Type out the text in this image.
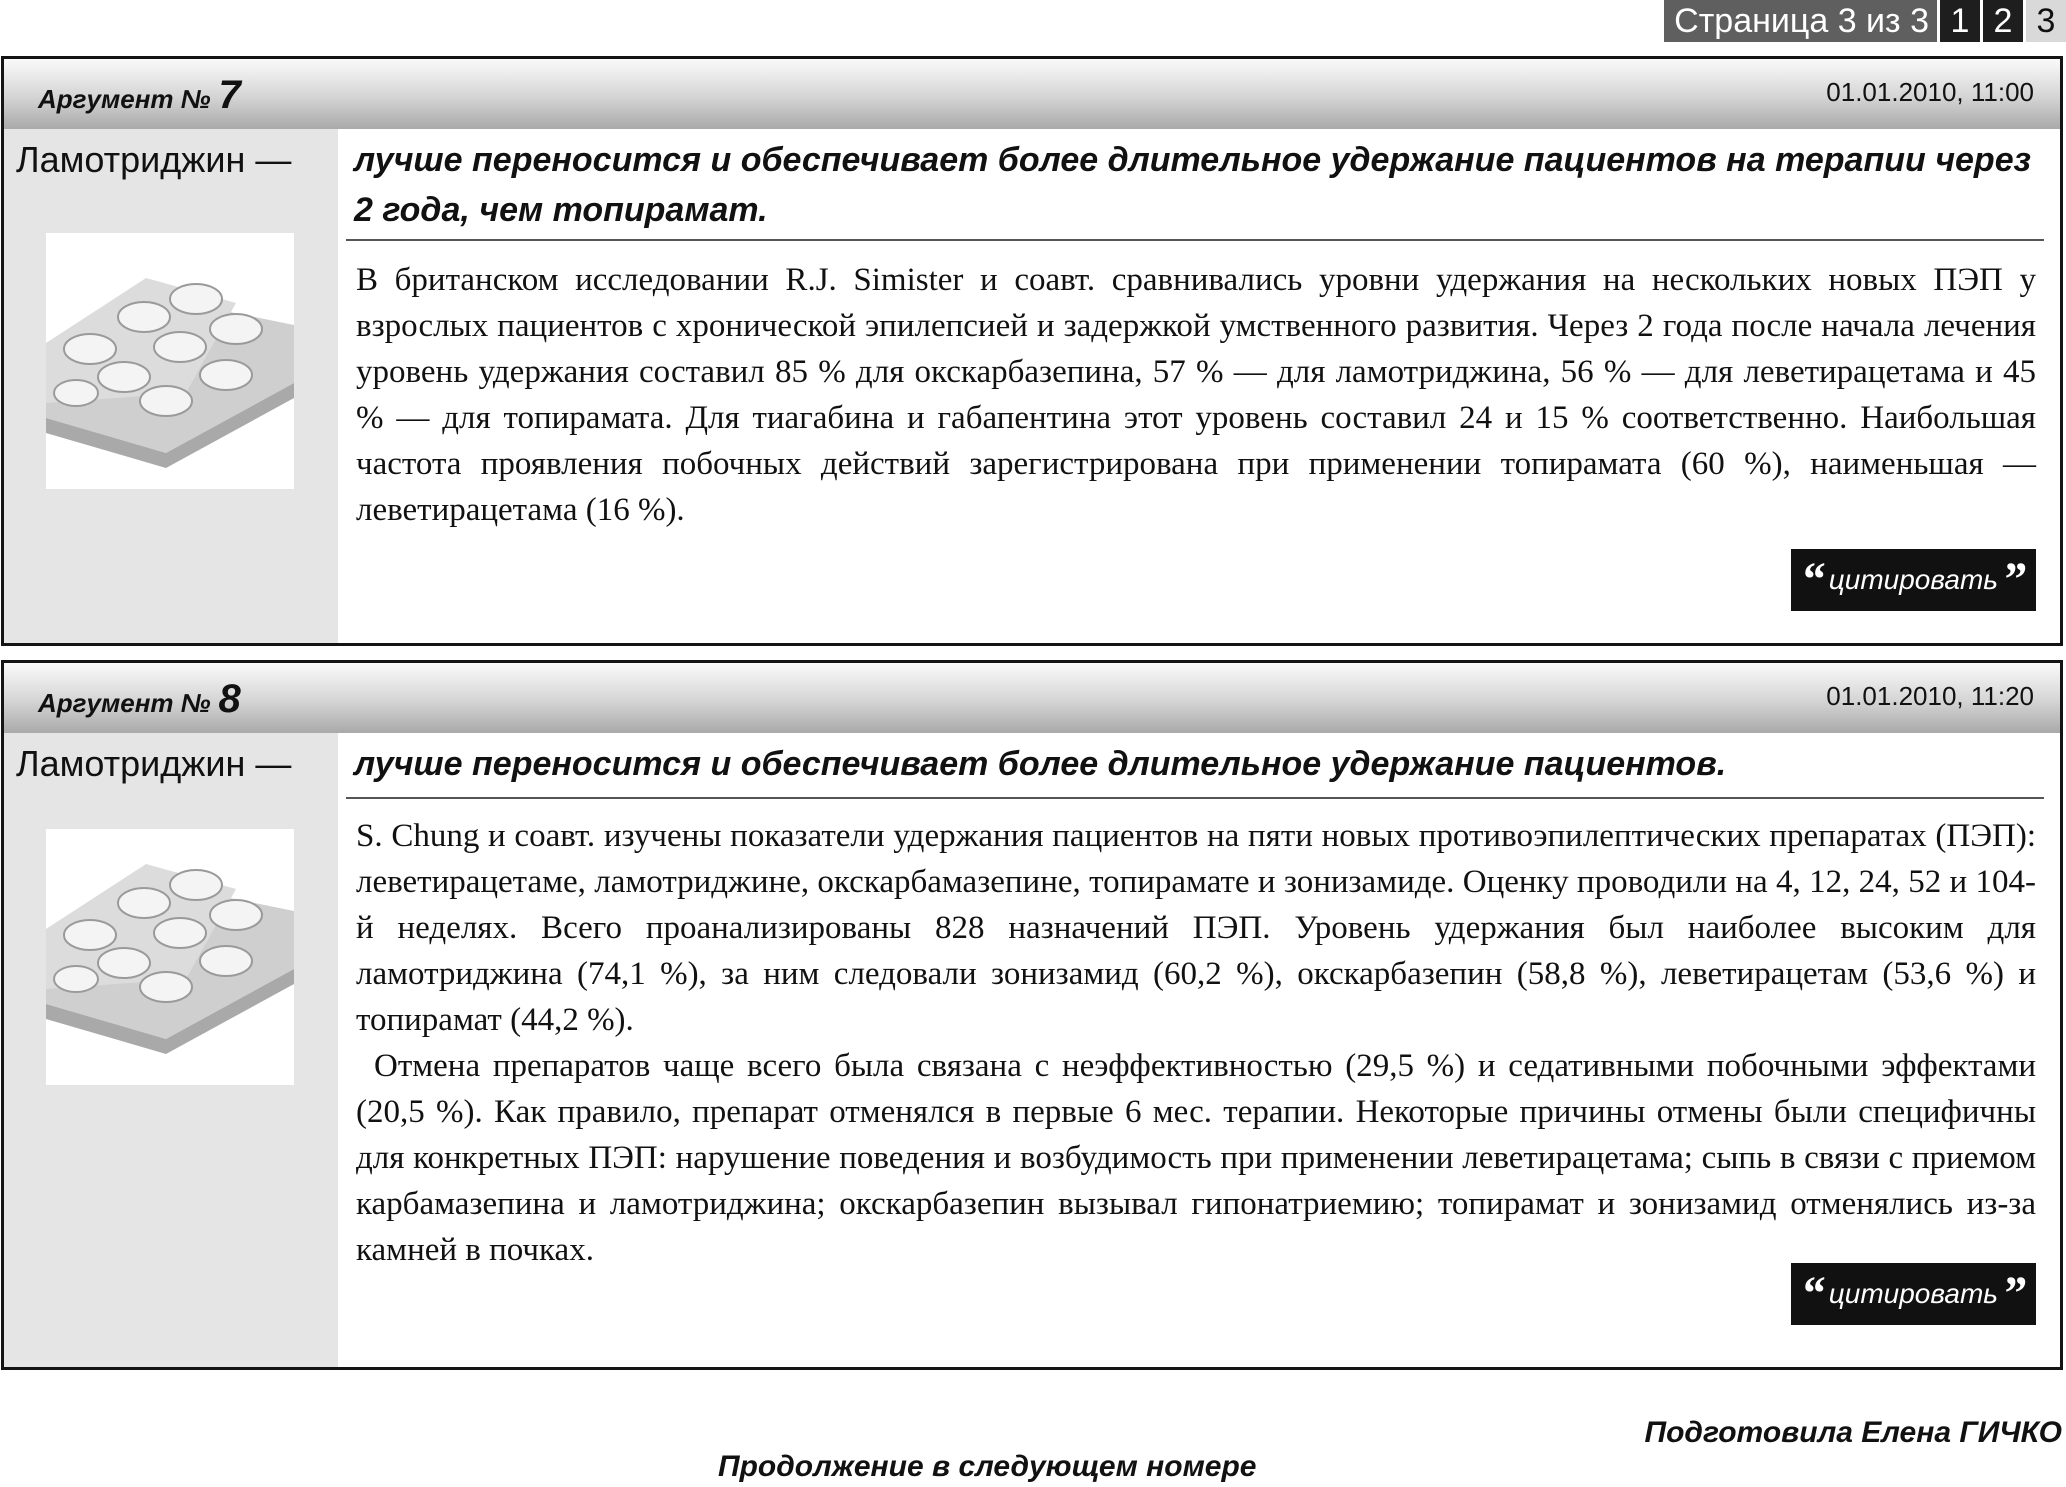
Страница 3 из 3 1 2 3
Аргумент № 7	01.01.2010, 11:00
Ламотриджин — лучше переносится и обеспечивает более длительное удержание пациентов на терапии через 2 года, чем топирамат.

В британском исследовании R.J. Simister и соавт. сравнивались уровни удержания на нескольких новых ПЭП у взрослых пациентов с хронической эпилепсией и задержкой умственного развития. Через 2 года после начала лечения уровень удержания составил 85 % для окскарбазепина, 57 % — для ламотриджина, 56 % — для леветирацетама и 45 % — для топирамата. Для тиагабина и габапентина этот уровень составил 24 и 15 % соответственно. Наибольшая частота проявления побочных действий зарегистрирована при применении топирамата (60 %), наименьшая — леветирацетама (16 %).

“ цитировать ”
Аргумент № 8	01.01.2010, 11:20
Ламотриджин — лучше переносится и обеспечивает более длительное удержание пациентов.

S. Chung и соавт. изучены показатели удержания пациентов на пяти новых противоэпилептических препаратах (ПЭП): леветирацетаме, ламотриджине, окскарбамазепине, топирамате и зонизамиде. Оценку проводили на 4, 12, 24, 52 и 104-й неделях. Всего проанализированы 828 назначений ПЭП. Уровень удержания был наиболее высоким для ламотриджина (74,1 %), за ним следовали зонизамид (60,2 %), окскарбазепин (58,8 %), леветирацетам (53,6 %) и топирамат (44,2 %).

Отмена препаратов чаще всего была связана с неэффективностью (29,5 %) и седативными побочными эффектами (20,5 %). Как правило, препарат отменялся в первые 6 мес. терапии. Некоторые причины отмены были специфичны для конкретных ПЭП: нарушение поведения и возбудимость при применении леветирацетама; сыпь в связи с приемом карбамазепина и ламотриджина; окскарбазепин вызывал гипонатриемию; топирамат и зонизамид отменялись из-за камней в почках.

“ цитировать ”
Подготовила Елена ГИЧКО
Продолжение в следующем номере
